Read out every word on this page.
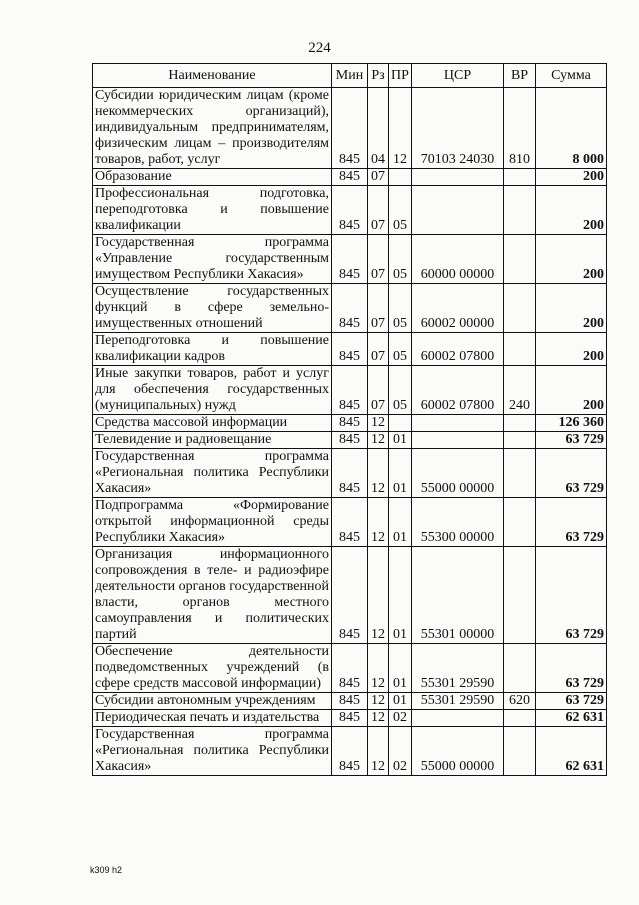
224
Наименование	Мин	Рз	ПР	ЦСР	ВР	Сумма
Субсидии юридическим лицам (кроме некоммерческих организаций), индивидуальным предпринимателям, физическим лицам – производителям товаров, работ, услуг	845	04	12	70103 24030	810	8 000
Образование	845	07				200
Профессиональная подготовка, переподготовка и повышение квалификации	845	07	05			200
Государственная программа «Управление государственным имуществом Республики Хакасия»	845	07	05	60000 00000		200
Осуществление государственных функций в сфере земельно-имущественных отношений	845	07	05	60002 00000		200
Переподготовка и повышение квалификации кадров	845	07	05	60002 07800		200
Иные закупки товаров, работ и услуг для обеспечения государственных (муниципальных) нужд	845	07	05	60002 07800	240	200
Средства массовой информации	845	12				126 360
Телевидение и радиовещание	845	12	01			63 729
Государственная программа «Региональная политика Республики Хакасия»	845	12	01	55000 00000		63 729
Подпрограмма «Формирование открытой информационной среды Республики Хакасия»	845	12	01	55300 00000		63 729
Организация информационного сопровождения в теле- и радиоэфире деятельности органов государственной власти, органов местного самоуправления и политических партий	845	12	01	55301 00000		63 729
Обеспечение деятельности подведомственных учреждений (в сфере средств массовой информации)	845	12	01	55301 29590		63 729
Субсидии автономным учреждениям	845	12	01	55301 29590	620	63 729
Периодическая печать и издательства	845	12	02			62 631
Государственная программа «Региональная политика Республики Хакасия»	845	12	02	55000 00000		62 631
k309 h2
